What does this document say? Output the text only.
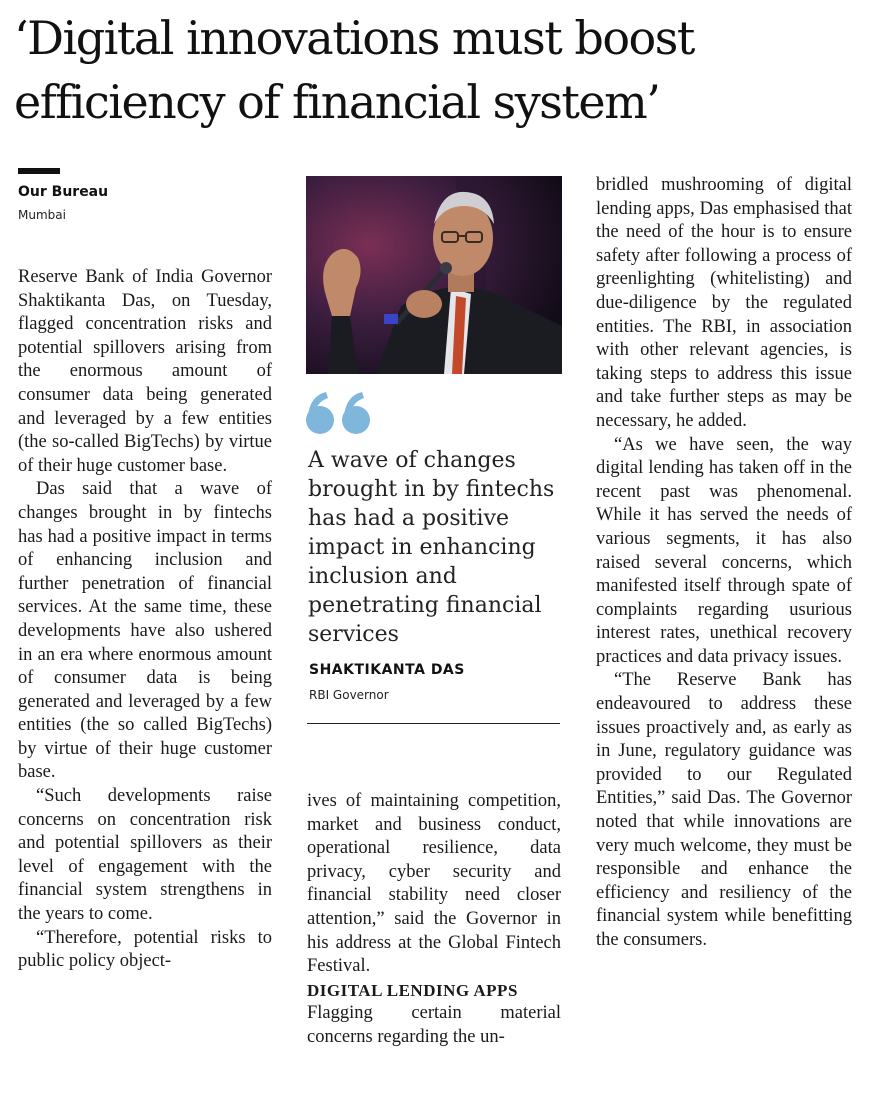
‘Digital innovations must boost
efficiency of financial system’
Our Bureau
Mumbai

Reserve Bank of India Governor Shaktikanta Das, on Tuesday, flagged concentration risks and potential spillovers arising from the enormous amount of consumer data being generated and leveraged by a few entities (the so-called BigTechs) by virtue of their huge customer base.

Das said that a wave of changes brought in by fintechs has had a positive impact in terms of enhancing inclusion and further penetration of financial services. At the same time, these developments have also ushered in an era where enormous amount of consumer data is being generated and leveraged by a few entities (the so called BigTechs) by virtue of their huge customer base.

“Such developments raise concerns on concentration risk and potential spillovers as their level of engagement with the financial system strengthens in the years to come.

“Therefore, potential risks to public policy object-

A wave of changes brought in by fintechs has had a positive impact in enhancing inclusion and penetrating financial services

SHAKTIKANTA DAS
RBI Governor

ives of maintaining competition, market and business conduct, operational resilience, data privacy, cyber security and financial stability need closer attention,” said the Governor in his address at the Global Fintech Festival.

DIGITAL LENDING APPS

Flagging certain material concerns regarding the un-

bridled mushrooming of digital lending apps, Das emphasised that the need of the hour is to ensure safety after following a process of greenlighting (whitelisting) and due-diligence by the regulated entities. The RBI, in association with other relevant agencies, is taking steps to address this issue and take further steps as may be necessary, he added.

“As we have seen, the way digital lending has taken off in the recent past was phenomenal. While it has served the needs of various segments, it has also raised several concerns, which manifested itself through spate of complaints regarding usurious interest rates, unethical recovery practices and data privacy issues.

“The Reserve Bank has endeavoured to address these issues proactively and, as early as in June, regulatory guidance was provided to our Regulated Entities,” said Das. The Governor noted that while innovations are very much welcome, they must be responsible and enhance the efficiency and resiliency of the financial system while benefitting the consumers.
